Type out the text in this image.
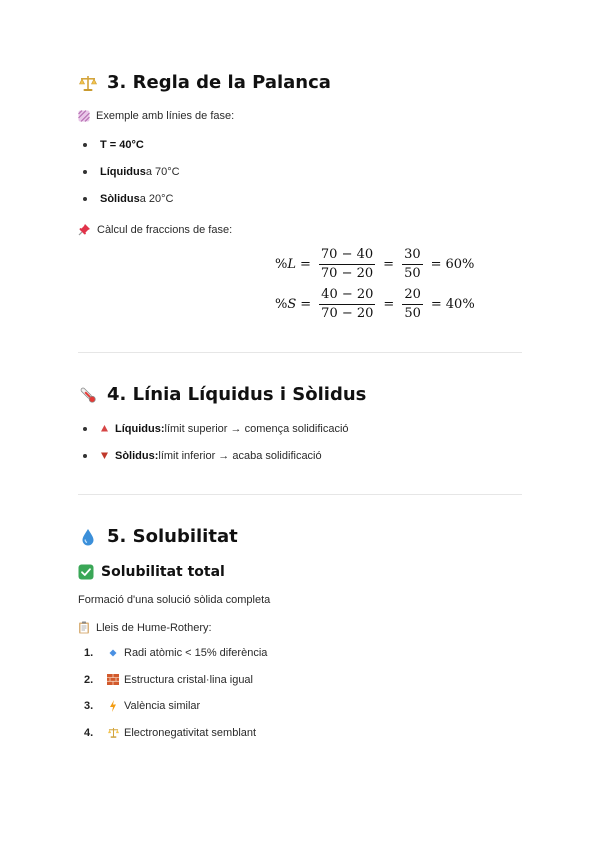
3. Regla de la Palanca
Exemple amb línies de fase:
T = 40°C
Líquidus a 70°C
Sòlidus a 20°C
Càlcul de fraccions de fase:
% $L = \frac{70 - 40}{70 - 20} = \frac{30}{50} = 60\%$
% $S = \frac{40 - 20}{70 - 20} = \frac{20}{50} = 40\%$
4. Línia Líquidus i Sòlidus
Líquidus: límit superior → comença solidificació
Sòlidus: límit inferior → acaba solidificació
5. Solubilitat
Solubilitat total
Formació d'una solució sòlida completa
Lleis de Hume-Rothery:
1.	Radi atòmic < 15% diferència
2.	Estructura cristal·lina igual
3.	València similar
4.	Electronegativitat semblant
